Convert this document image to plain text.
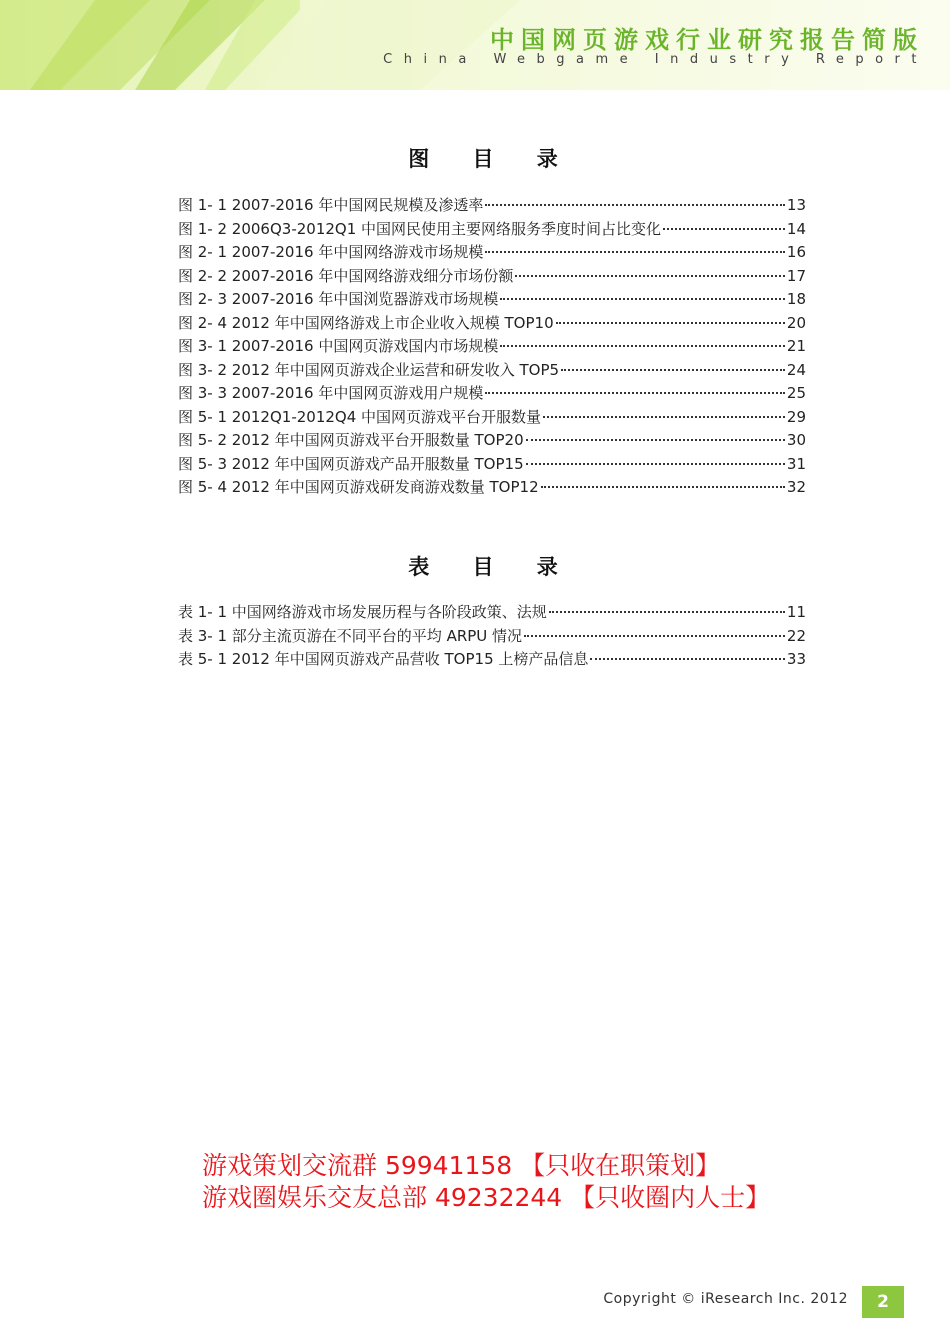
中国网页游戏行业研究报告简版
China Webgame Industry Report
图 目 录
图 1- 1 2007-2016 年中国网民规模及渗透率	13
图 1- 2 2006Q3-2012Q1 中国网民使用主要网络服务季度时间占比变化	14
图 2- 1 2007-2016 年中国网络游戏市场规模	16
图 2- 2 2007-2016 年中国网络游戏细分市场份额	17
图 2- 3 2007-2016 年中国浏览器游戏市场规模	18
图 2- 4 2012 年中国网络游戏上市企业收入规模 TOP10	20
图 3- 1 2007-2016 中国网页游戏国内市场规模	21
图 3- 2 2012 年中国网页游戏企业运营和研发收入 TOP5	24
图 3- 3 2007-2016 年中国网页游戏用户规模	25
图 5- 1 2012Q1-2012Q4 中国网页游戏平台开服数量	29
图 5- 2 2012 年中国网页游戏平台开服数量 TOP20	30
图 5- 3 2012 年中国网页游戏产品开服数量 TOP15	31
图 5- 4 2012 年中国网页游戏研发商游戏数量 TOP12	32
表 目 录
表 1- 1 中国网络游戏市场发展历程与各阶段政策、法规	11
表 3- 1 部分主流页游在不同平台的平均 ARPU 情况	22
表 5- 1 2012 年中国网页游戏产品营收 TOP15 上榜产品信息	33
游戏策划交流群 59941158 【只收在职策划】
游戏圈娱乐交友总部 49232244 【只收圈内人士】
Copyright © iResearch Inc. 2012	2
